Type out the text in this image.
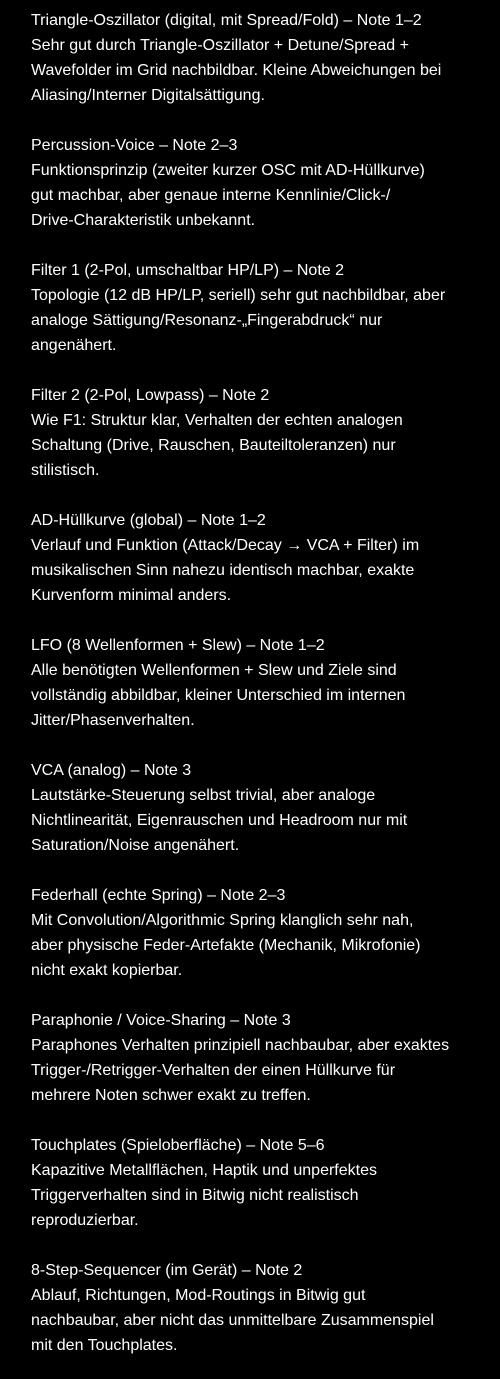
Triangle-Oszillator (digital, mit Spread/Fold) – Note 1–2
Sehr gut durch Triangle-Oszillator + Detune/Spread +
Wavefolder im Grid nachbildbar. Kleine Abweichungen bei
Aliasing/Interner Digitalsättigung.
Percussion-Voice – Note 2–3
Funktionsprinzip (zweiter kurzer OSC mit AD-Hüllkurve)
gut machbar, aber genaue interne Kennlinie/Click-/
Drive-Charakteristik unbekannt.
Filter 1 (2-Pol, umschaltbar HP/LP) – Note 2
Topologie (12 dB HP/LP, seriell) sehr gut nachbildbar, aber
analoge Sättigung/Resonanz-„Fingerabdruck“ nur
angenähert.
Filter 2 (2-Pol, Lowpass) – Note 2
Wie F1: Struktur klar, Verhalten der echten analogen
Schaltung (Drive, Rauschen, Bauteiltoleranzen) nur
stilistisch.
AD-Hüllkurve (global) – Note 1–2
Verlauf und Funktion (Attack/Decay → VCA + Filter) im
musikalischen Sinn nahezu identisch machbar, exakte
Kurvenform minimal anders.
LFO (8 Wellenformen + Slew) – Note 1–2
Alle benötigten Wellenformen + Slew und Ziele sind
vollständig abbildbar, kleiner Unterschied im internen
Jitter/Phasenverhalten.
VCA (analog) – Note 3
Lautstärke-Steuerung selbst trivial, aber analoge
Nichtlinearität, Eigenrauschen und Headroom nur mit
Saturation/Noise angenähert.
Federhall (echte Spring) – Note 2–3
Mit Convolution/Algorithmic Spring klanglich sehr nah,
aber physische Feder-Artefakte (Mechanik, Mikrofonie)
nicht exakt kopierbar.
Paraphonie / Voice-Sharing – Note 3
Paraphones Verhalten prinzipiell nachbaubar, aber exaktes
Trigger-/Retrigger-Verhalten der einen Hüllkurve für
mehrere Noten schwer exakt zu treffen.
Touchplates (Spieloberfläche) – Note 5–6
Kapazitive Metallflächen, Haptik und unperfektes
Triggerverhalten sind in Bitwig nicht realistisch
reproduzierbar.
8-Step-Sequencer (im Gerät) – Note 2
Ablauf, Richtungen, Mod-Routings in Bitwig gut
nachbaubar, aber nicht das unmittelbare Zusammenspiel
mit den Touchplates.
